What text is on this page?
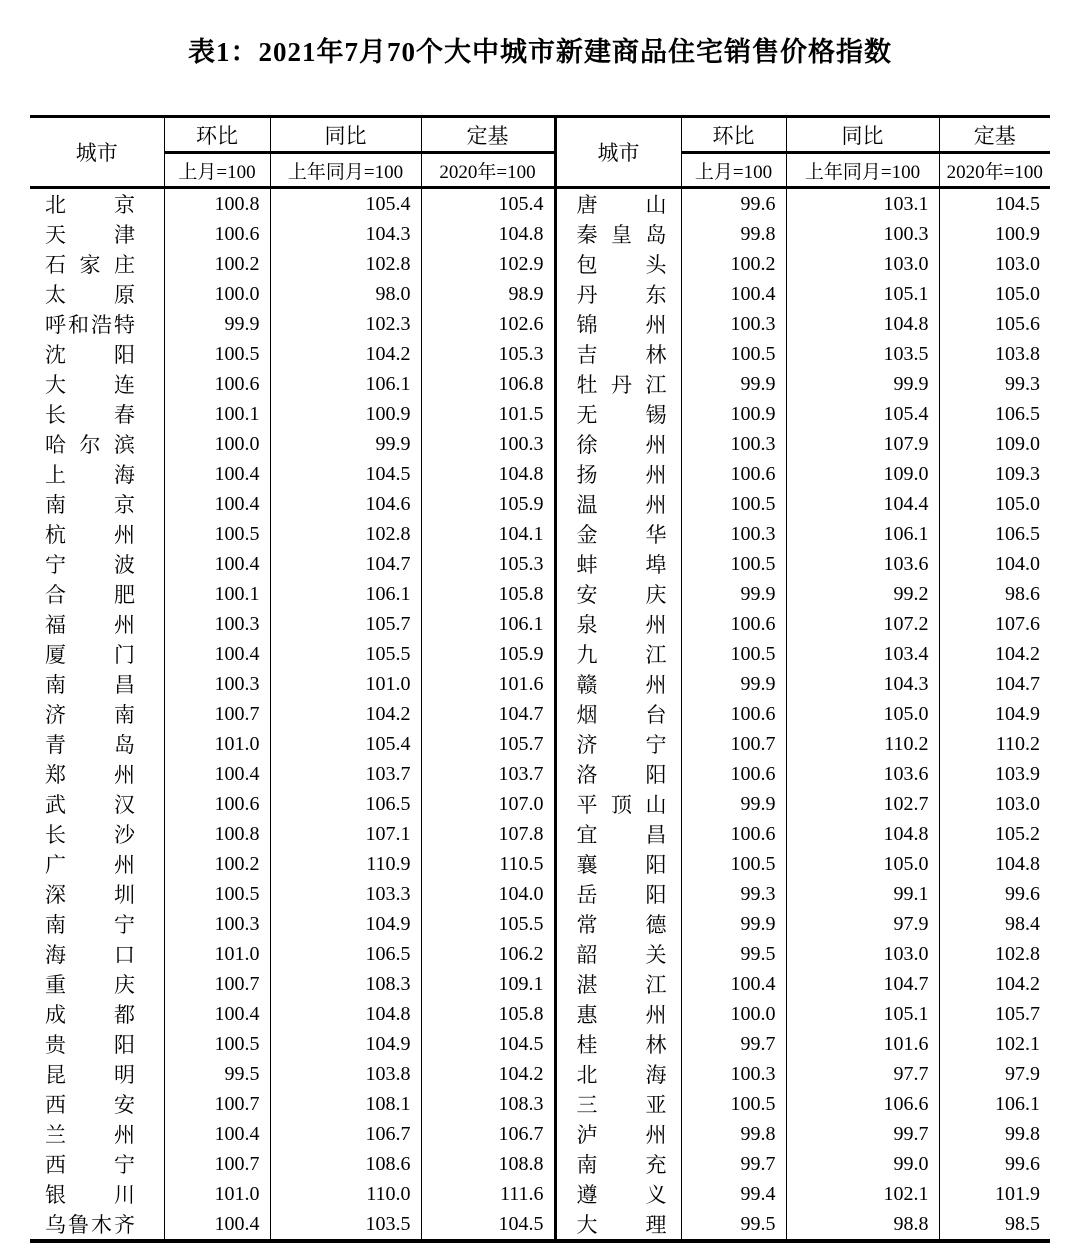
表1：2021年7月70个大中城市新建商品住宅销售价格指数
城市	环比	同比	定基	城市	环比	同比	定基
	上月=100	上年同月=100	2020年=100		上月=100	上年同月=100	2020年=100

北 京	100.8	105.4	105.4	唐 山	99.6	103.1	104.5

天 津	100.6	104.3	104.8	秦 皇 岛	99.8	100.3	100.9

石 家 庄	100.2	102.8	102.9	包 头	100.2	103.0	103.0

太 原	100.0	98.0	98.9	丹 东	100.4	105.1	105.0

呼 和 浩 特	99.9	102.3	102.6	锦 州	100.3	104.8	105.6

沈 阳	100.5	104.2	105.3	吉 林	100.5	103.5	103.8

大 连	100.6	106.1	106.8	牡 丹 江	99.9	99.9	99.3

长 春	100.1	100.9	101.5	无 锡	100.9	105.4	106.5

哈 尔 滨	100.0	99.9	100.3	徐 州	100.3	107.9	109.0

上 海	100.4	104.5	104.8	扬 州	100.6	109.0	109.3

南 京	100.4	104.6	105.9	温 州	100.5	104.4	105.0

杭 州	100.5	102.8	104.1	金 华	100.3	106.1	106.5

宁 波	100.4	104.7	105.3	蚌 埠	100.5	103.6	104.0

合 肥	100.1	106.1	105.8	安 庆	99.9	99.2	98.6

福 州	100.3	105.7	106.1	泉 州	100.6	107.2	107.6

厦 门	100.4	105.5	105.9	九 江	100.5	103.4	104.2

南 昌	100.3	101.0	101.6	赣 州	99.9	104.3	104.7

济 南	100.7	104.2	104.7	烟 台	100.6	105.0	104.9

青 岛	101.0	105.4	105.7	济 宁	100.7	110.2	110.2

郑 州	100.4	103.7	103.7	洛 阳	100.6	103.6	103.9

武 汉	100.6	106.5	107.0	平 顶 山	99.9	102.7	103.0

长 沙	100.8	107.1	107.8	宜 昌	100.6	104.8	105.2

广 州	100.2	110.9	110.5	襄 阳	100.5	105.0	104.8

深 圳	100.5	103.3	104.0	岳 阳	99.3	99.1	99.6

南 宁	100.3	104.9	105.5	常 德	99.9	97.9	98.4

海 口	101.0	106.5	106.2	韶 关	99.5	103.0	102.8

重 庆	100.7	108.3	109.1	湛 江	100.4	104.7	104.2

成 都	100.4	104.8	105.8	惠 州	100.0	105.1	105.7

贵 阳	100.5	104.9	104.5	桂 林	99.7	101.6	102.1

昆 明	99.5	103.8	104.2	北 海	100.3	97.7	97.9

西 安	100.7	108.1	108.3	三 亚	100.5	106.6	106.1

兰 州	100.4	106.7	106.7	泸 州	99.8	99.7	99.8

西 宁	100.7	108.6	108.8	南 充	99.7	99.0	99.6

银 川	101.0	110.0	111.6	遵 义	99.4	102.1	101.9

乌 鲁 木 齐	100.4	103.5	104.5	大 理	99.5	98.8	98.5
